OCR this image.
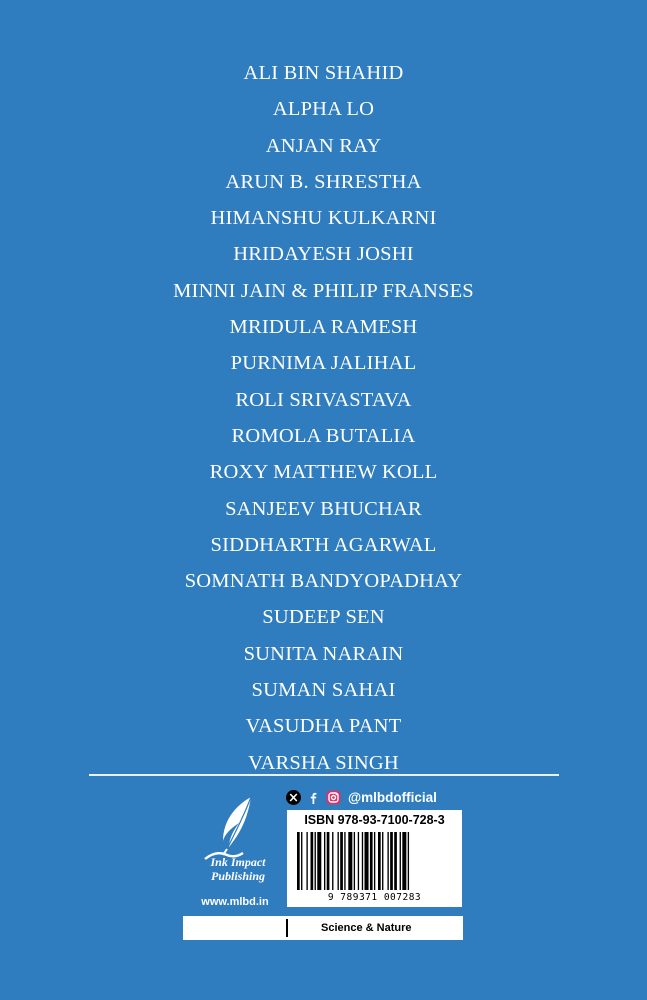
ALI BIN SHAHID
ALPHA LO
ANJAN RAY
ARUN B. SHRESTHA
HIMANSHU KULKARNI
HRIDAYESH JOSHI
MINNI JAIN & PHILIP FRANSES
MRIDULA RAMESH
PURNIMA JALIHAL
ROLI SRIVASTAVA
ROMOLA BUTALIA
ROXY MATTHEW KOLL
SANJEEV BHUCHAR
SIDDHARTH AGARWAL
SOMNATH BANDYOPADHAY
SUDEEP SEN
SUNITA NARAIN
SUMAN SAHAI
VASUDHA PANT
VARSHA SINGH
Ink Impact
Publishing
www.mlbd.in
@mlbdofficial
ISBN 978-93-7100-728-3
9 789371 007283
Science & Nature
